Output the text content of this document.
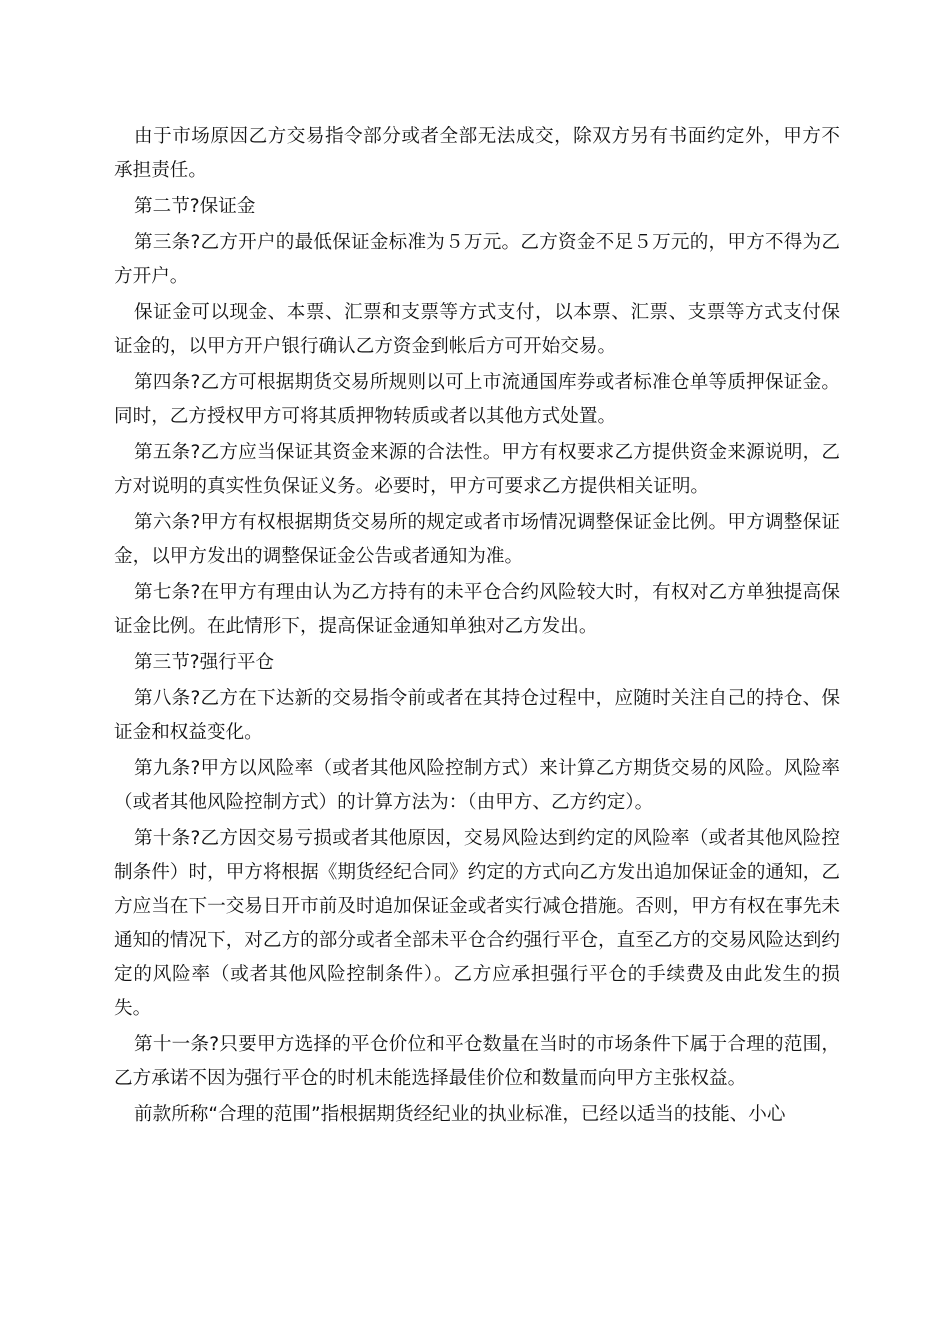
由于市场原因乙方交易指令部分或者全部无法成交，除双方另有书面约定外，甲方不承担责任。

第二节?保证金

第三条?乙方开户的最低保证金标准为５万元。乙方资金不足５万元的，甲方不得为乙方开户。

保证金可以现金、本票、汇票和支票等方式支付，以本票、汇票、支票等方式支付保证金的，以甲方开户银行确认乙方资金到帐后方可开始交易。

第四条?乙方可根据期货交易所规则以可上市流通国库券或者标准仓单等质押保证金。同时，乙方授权甲方可将其质押物转质或者以其他方式处置。

第五条?乙方应当保证其资金来源的合法性。甲方有权要求乙方提供资金来源说明，乙方对说明的真实性负保证义务。必要时，甲方可要求乙方提供相关证明。

第六条?甲方有权根据期货交易所的规定或者市场情况调整保证金比例。甲方调整保证金，以甲方发出的调整保证金公告或者通知为准。

第七条?在甲方有理由认为乙方持有的未平仓合约风险较大时，有权对乙方单独提高保证金比例。在此情形下，提高保证金通知单独对乙方发出。

第三节?强行平仓

第八条?乙方在下达新的交易指令前或者在其持仓过程中，应随时关注自己的持仓、保证金和权益变化。

第九条?甲方以风险率（或者其他风险控制方式）来计算乙方期货交易的风险。风险率（或者其他风险控制方式）的计算方法为：（由甲方、乙方约定）。

第十条?乙方因交易亏损或者其他原因，交易风险达到约定的风险率（或者其他风险控制条件）时，甲方将根据《期货经纪合同》约定的方式向乙方发出追加保证金的通知，乙方应当在下一交易日开市前及时追加保证金或者实行减仓措施。否则，甲方有权在事先未通知的情况下，对乙方的部分或者全部未平仓合约强行平仓，直至乙方的交易风险达到约定的风险率（或者其他风险控制条件）。乙方应承担强行平仓的手续费及由此发生的损失。

第十一条?只要甲方选择的平仓价位和平仓数量在当时的市场条件下属于合理的范围，乙方承诺不因为强行平仓的时机未能选择最佳价位和数量而向甲方主张权益。

前款所称“合理的范围”指根据期货经纪业的执业标准，已经以适当的技能、小心
